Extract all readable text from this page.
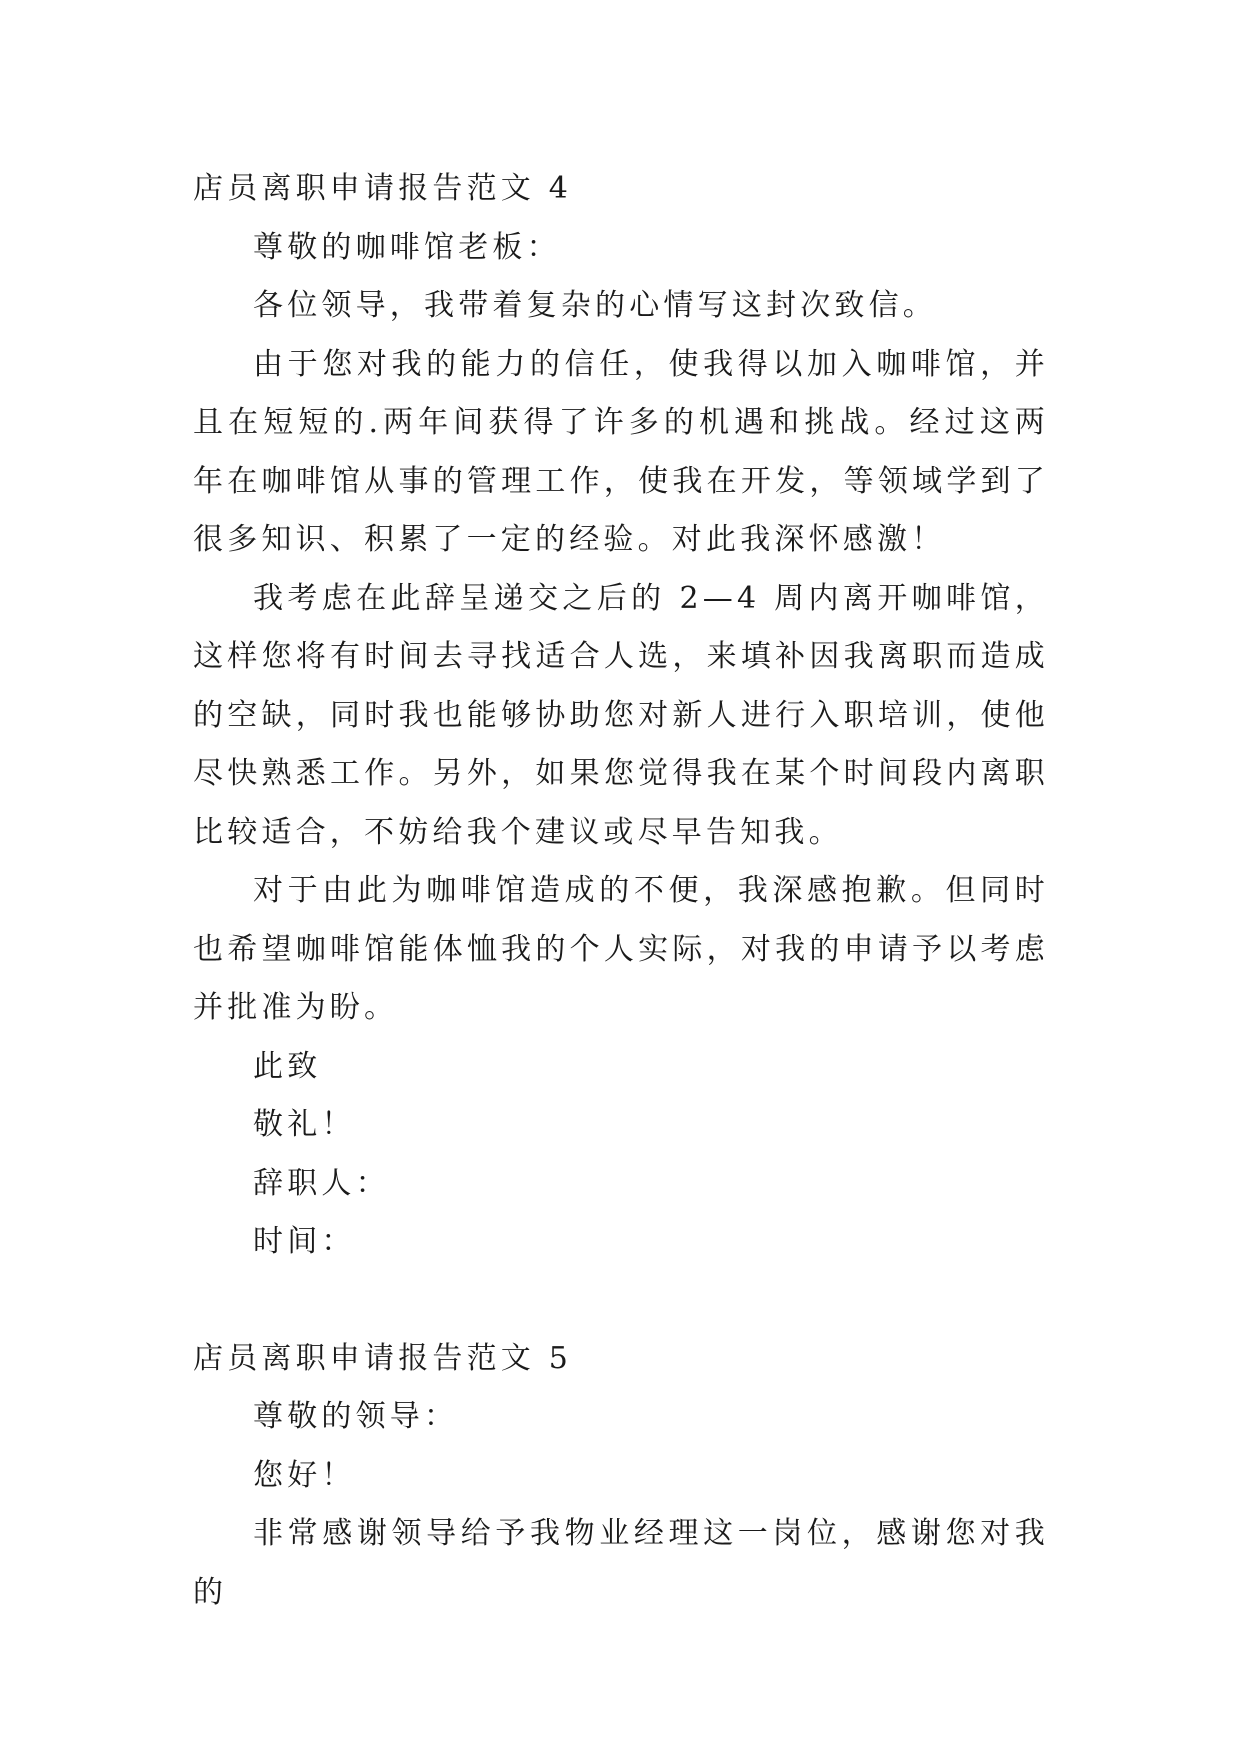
店员离职申请报告范文 4

尊敬的咖啡馆老板：

各位领导，我带着复杂的心情写这封次致信。

由于您对我的能力的信任，使我得以加入咖啡馆，并且在短短的.两年间获得了许多的机遇和挑战。经过这两年在咖啡馆从事的管理工作，使我在开发，等领域学到了很多知识、积累了一定的经验。对此我深怀感激！

我考虑在此辞呈递交之后的 2—4 周内离开咖啡馆，这样您将有时间去寻找适合人选，来填补因我离职而造成的空缺，同时我也能够协助您对新人进行入职培训，使他尽快熟悉工作。另外，如果您觉得我在某个时间段内离职比较适合，不妨给我个建议或尽早告知我。

对于由此为咖啡馆造成的不便，我深感抱歉。但同时也希望咖啡馆能体恤我的个人实际，对我的申请予以考虑并批准为盼。

此致

敬礼！

辞职人：

时间：

店员离职申请报告范文 5

尊敬的领导：

您好！

非常感谢领导给予我物业经理这一岗位，感谢您对我的
